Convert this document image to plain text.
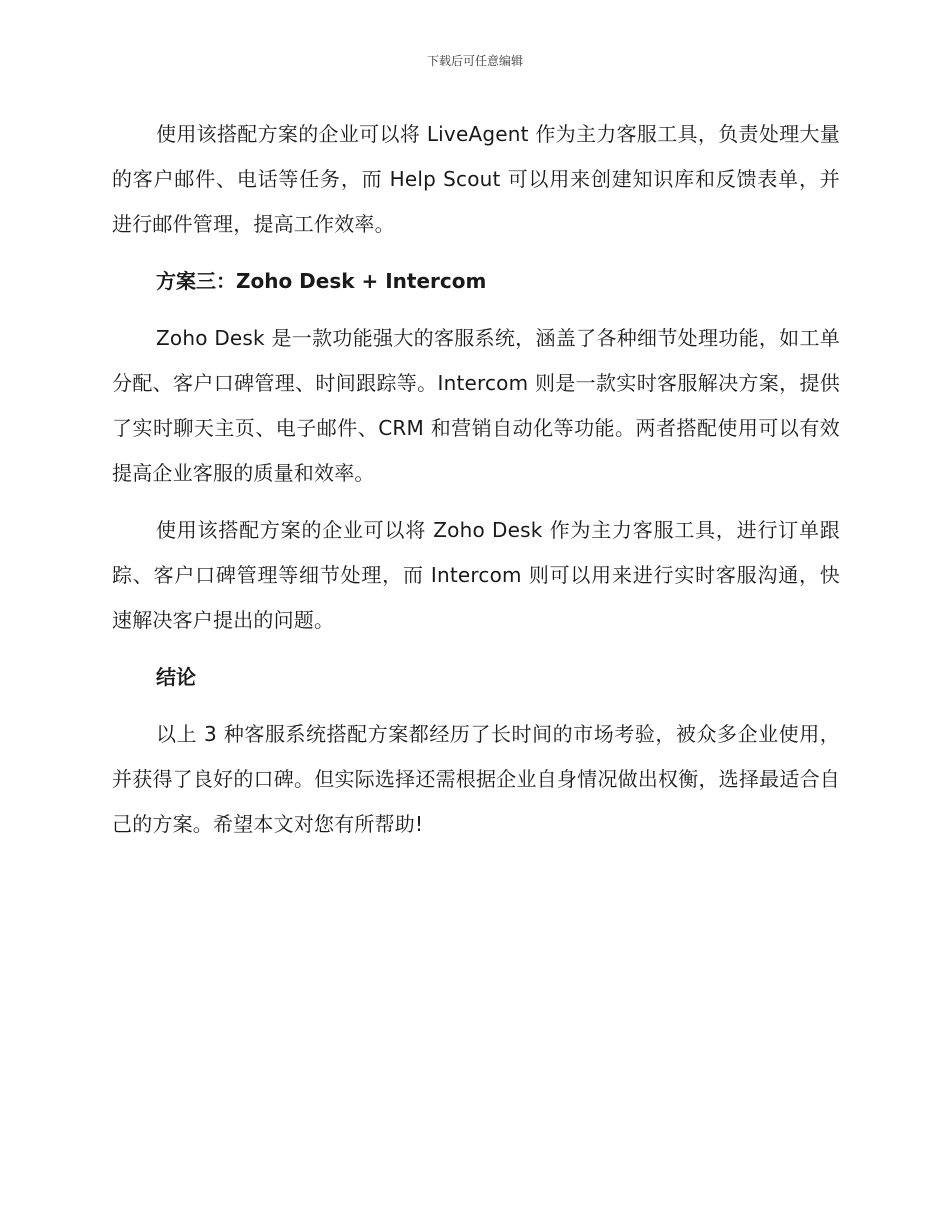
下载后可任意编辑

使用该搭配方案的企业可以将 LiveAgent 作为主力客服工具，负责处理大量的客户邮件、电话等任务，而 Help Scout 可以用来创建知识库和反馈表单，并进行邮件管理，提高工作效率。

方案三：Zoho Desk + Intercom

Zoho Desk 是一款功能强大的客服系统，涵盖了各种细节处理功能，如工单分配、客户口碑管理、时间跟踪等。Intercom 则是一款实时客服解决方案，提供了实时聊天主页、电子邮件、CRM 和营销自动化等功能。两者搭配使用可以有效提高企业客服的质量和效率。

使用该搭配方案的企业可以将 Zoho Desk 作为主力客服工具，进行订单跟踪、客户口碑管理等细节处理，而 Intercom 则可以用来进行实时客服沟通，快速解决客户提出的问题。

结论

以上 3 种客服系统搭配方案都经历了长时间的市场考验，被众多企业使用，并获得了良好的口碑。但实际选择还需根据企业自身情况做出权衡，选择最适合自己的方案。希望本文对您有所帮助!
